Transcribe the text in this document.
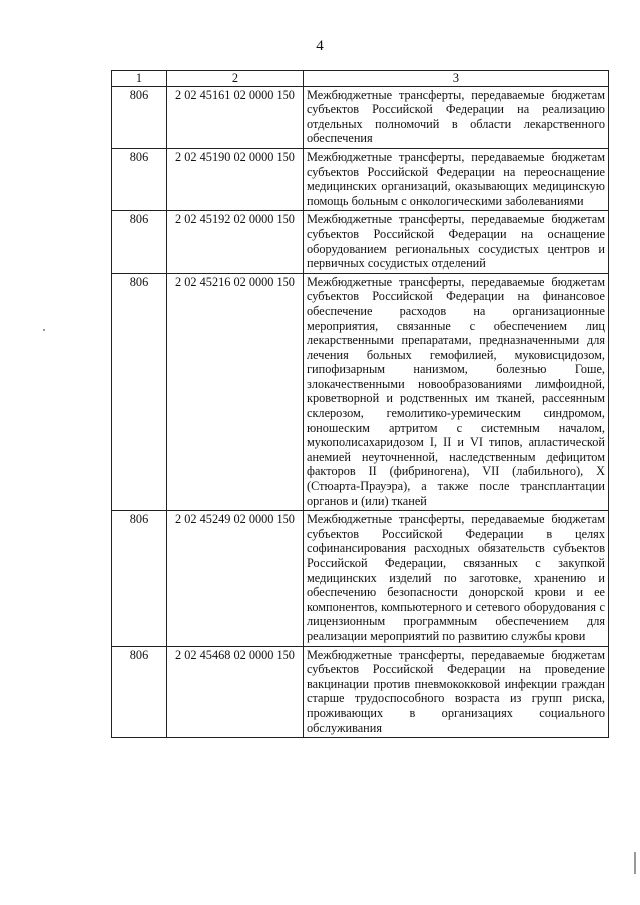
4
1	2	3
806	2 02 45161 02 0000 150	Межбюджетные трансферты, передаваемые бюджетам субъектов Российской Федерации на реализацию отдельных полномочий в области лекарственного обеспечения
806	2 02 45190 02 0000 150	Межбюджетные трансферты, передаваемые бюджетам субъектов Российской Федерации на переоснащение медицинских организаций, оказывающих медицинскую помощь больным с онкологическими заболеваниями
806	2 02 45192 02 0000 150	Межбюджетные трансферты, передаваемые бюджетам субъектов Российской Федерации на оснащение оборудованием региональных сосудистых центров и первичных сосудистых отделений
806	2 02 45216 02 0000 150	Межбюджетные трансферты, передаваемые бюджетам субъектов Российской Федерации на финансовое обеспечение расходов на организационные мероприятия, связанные с обеспечением лиц лекарственными препаратами, предназначенными для лечения больных гемофилией, муковисцидозом, гипофизарным нанизмом, болезнью Гоше, злокачественными новообразованиями лимфоидной, кроветворной и родственных им тканей, рассеянным склерозом, гемолитико-уремическим синдромом, юношеским артритом с системным началом, мукополисахаридозом I, II и VI типов, апластической анемией неуточненной, наследственным дефицитом факторов II (фибриногена), VII (лабильного), X (Стюарта-Прауэра), а также после трансплантации органов и (или) тканей
806	2 02 45249 02 0000 150	Межбюджетные трансферты, передаваемые бюджетам субъектов Российской Федерации в целях софинансирования расходных обязательств субъектов Российской Федерации, связанных с закупкой медицинских изделий по заготовке, хранению и обеспечению безопасности донорской крови и ее компонентов, компьютерного и сетевого оборудования с лицензионным программным обеспечением для реализации мероприятий по развитию службы крови
806	2 02 45468 02 0000 150	Межбюджетные трансферты, передаваемые бюджетам субъектов Российской Федерации на проведение вакцинации против пневмококковой инфекции граждан старше трудоспособного возраста из групп риска, проживающих в организациях социального обслуживания
